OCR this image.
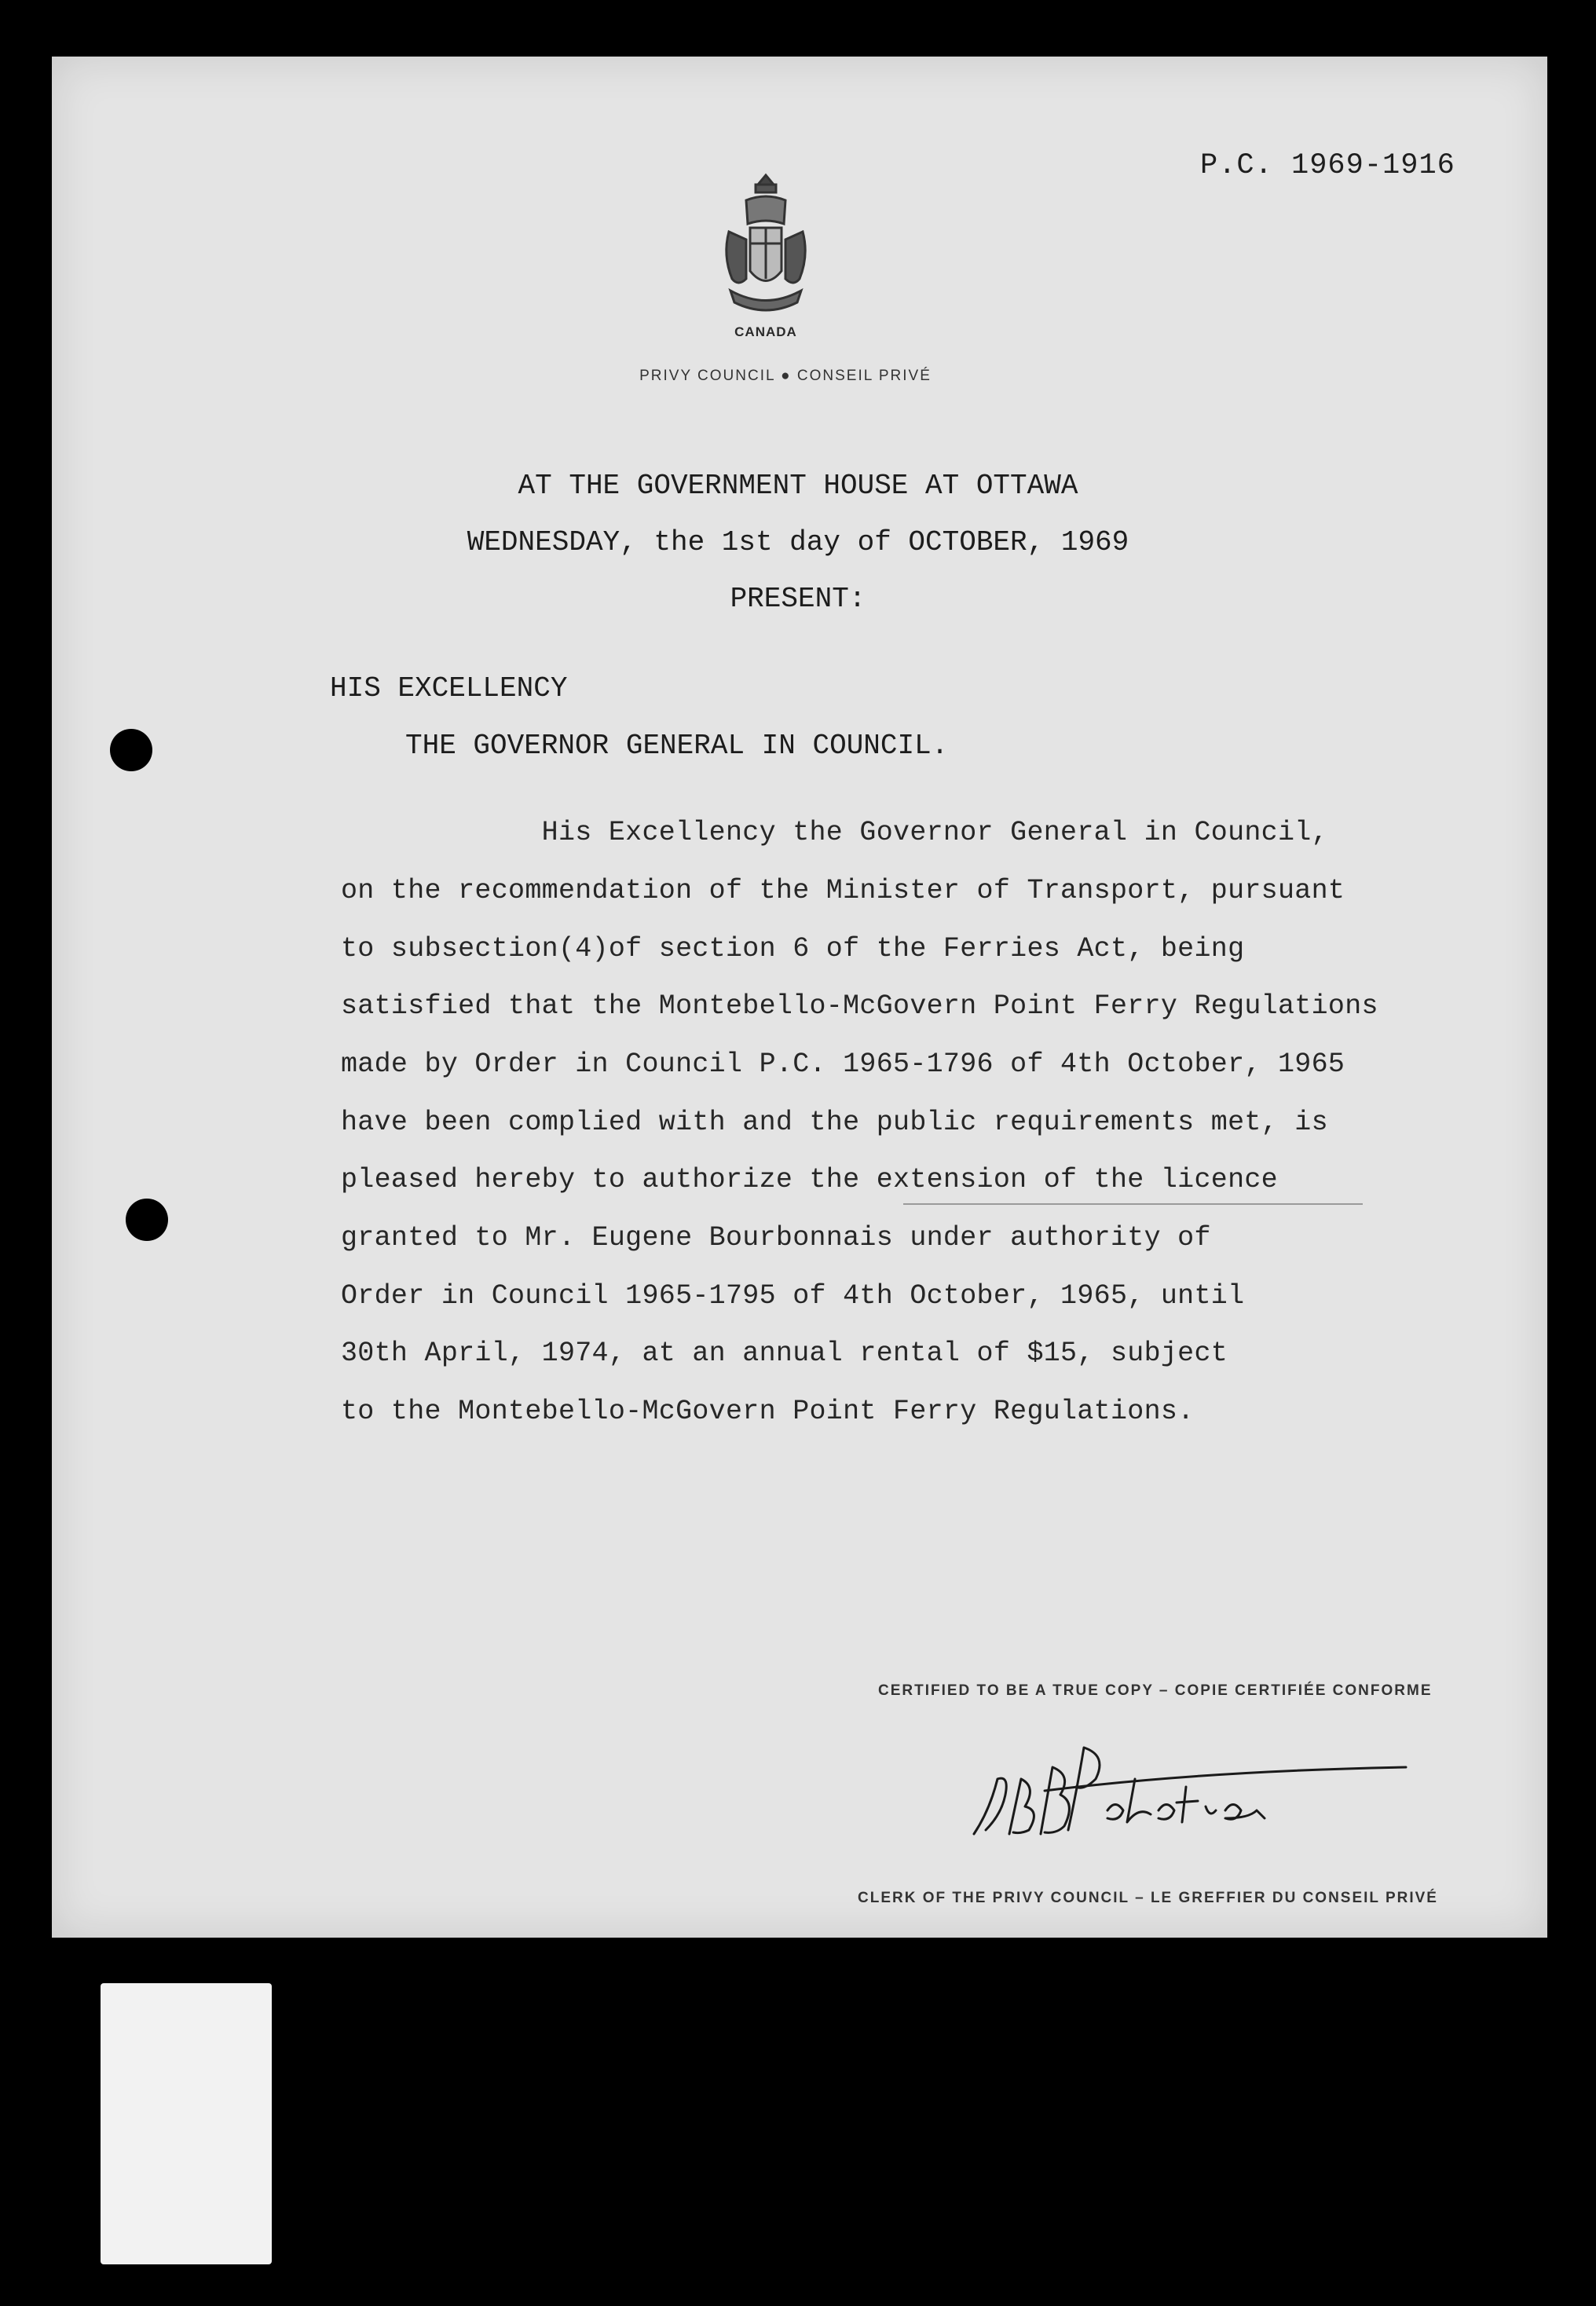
P.C. 1969-1916
CANADA
PRIVY COUNCIL ● CONSEIL PRIVÉ
AT THE GOVERNMENT HOUSE AT OTTAWA
WEDNESDAY, the 1st day of OCTOBER, 1969
PRESENT:
HIS EXCELLENCY
THE GOVERNOR GENERAL IN COUNCIL.
His Excellency the Governor General in Council,
on the recommendation of the Minister of Transport, pursuant
to subsection(4)of section 6 of the Ferries Act, being
satisfied that the Montebello-McGovern Point Ferry Regulations
made by Order in Council P.C. 1965-1796 of 4th October, 1965
have been complied with and the public requirements met, is
pleased hereby to authorize the extension of the licence
granted to Mr. Eugene Bourbonnais under authority of
Order in Council 1965-1795 of 4th October, 1965, until
30th April, 1974, at an annual rental of $15, subject
to the Montebello-McGovern Point Ferry Regulations.
CERTIFIED TO BE A TRUE COPY – COPIE CERTIFIÉE CONFORME
CLERK OF THE PRIVY COUNCIL – LE GREFFIER DU CONSEIL PRIVÉ
